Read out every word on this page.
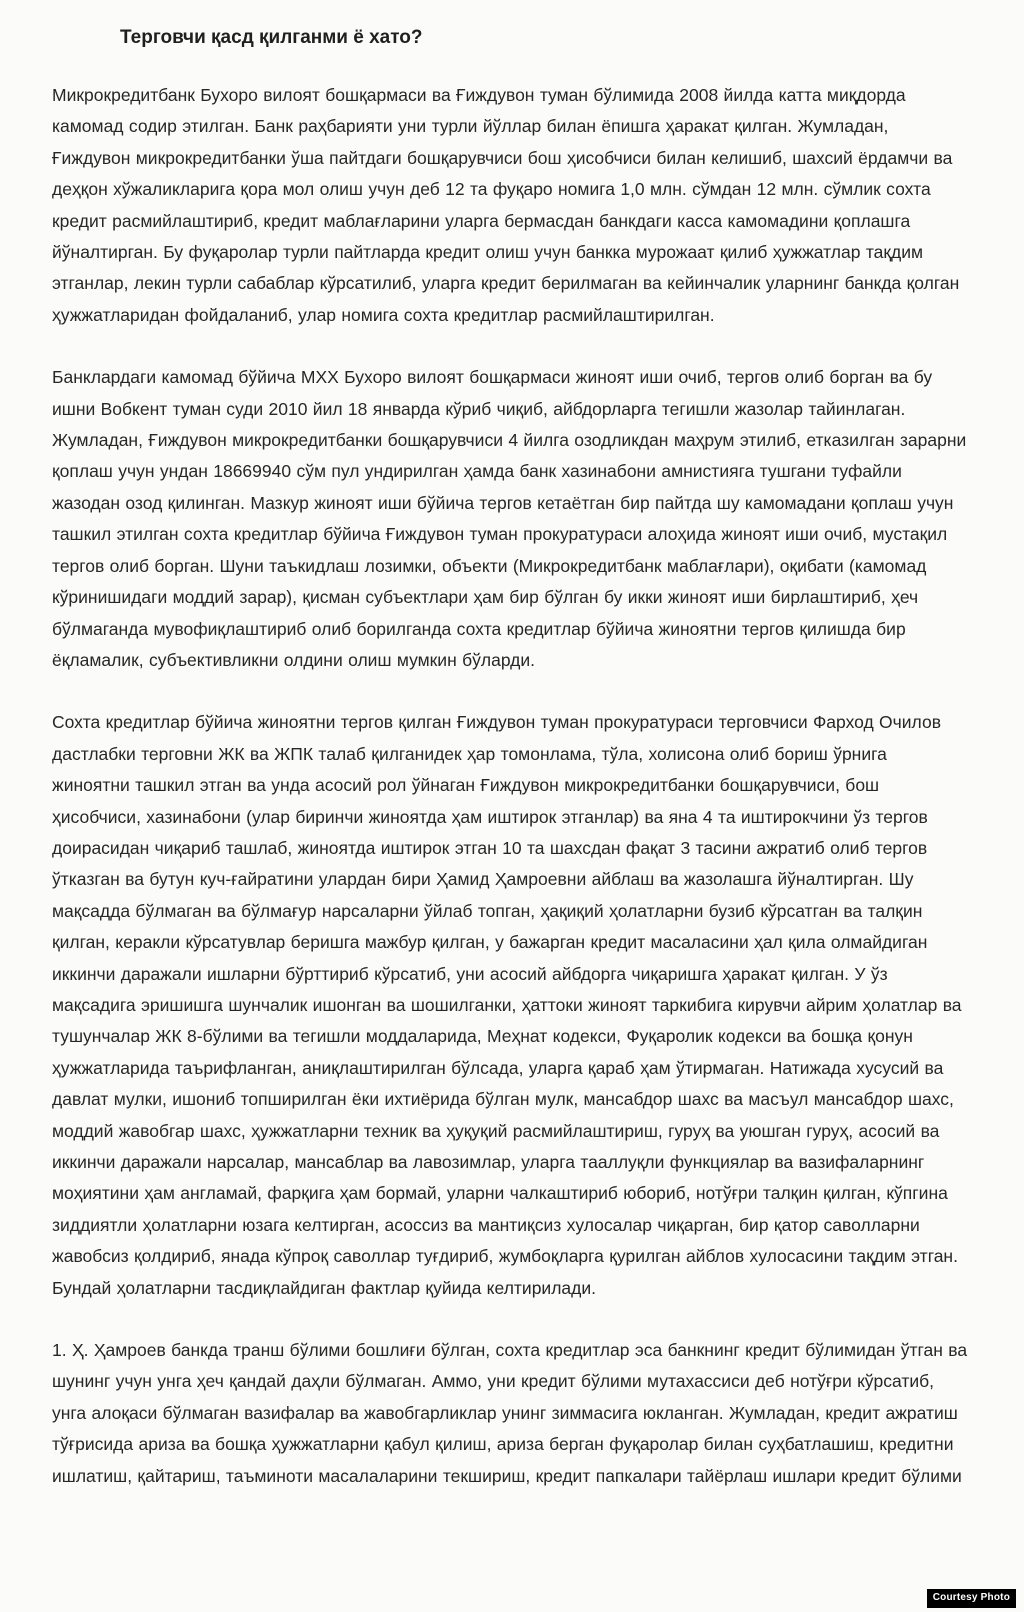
Терговчи қасд қилганми ё хато?

Микрокредитбанк Бухоро вилоят бошқармаси ва Ғиждувон туман бўлимида 2008 йилда катта миқдорда камомад содир этилган. Банк раҳбарияти уни турли йўллар билан ёпишга ҳаракат қилган. Жумладан, Ғиждувон микрокредитбанки ўша пайтдаги бошқарувчиси бош ҳисобчиси билан келишиб, шахсий ёрдамчи ва деҳқон хўжаликларига қора мол олиш учун деб 12 та фуқаро номига 1,0 млн. сўмдан 12 млн. сўмлик сохта кредит расмийлаштириб, кредит маблағларини уларга бермасдан банкдаги касса камомадини қоплашга йўналтирган. Бу фуқаролар турли пайтларда кредит олиш учун банкка мурожаат қилиб ҳужжатлар тақдим этганлар, лекин турли сабаблар кўрсатилиб, уларга кредит берилмаган ва кейинчалик уларнинг банкда қолган ҳужжатларидан фойдаланиб, улар номига сохта кредитлар расмийлаштирилган.

Банклардаги камомад бўйича МХХ Бухоро вилоят бошқармаси жиноят иши очиб, тергов олиб борган ва бу ишни Вобкент туман суди 2010 йил 18 январда кўриб чиқиб, айбдорларга тегишли жазолар тайинлаган. Жумладан, Ғиждувон микрокредитбанки бошқарувчиси 4 йилга озодликдан маҳрум этилиб, етказилган зарарни қоплаш учун ундан 18669940 сўм пул ундирилган ҳамда банк хазинабони амнистияга тушгани туфайли жазодан озод қилинган. Мазкур жиноят иши бўйича тергов кетаётган бир пайтда шу камомадани қоплаш учун ташкил этилган сохта кредитлар бўйича Ғиждувон туман прокуратураси алоҳида жиноят иши очиб, мустақил тергов олиб борган. Шуни таъкидлаш лозимки, объекти (Микрокредитбанк маблағлари), оқибати (камомад кўринишидаги моддий зарар), қисман субъектлари ҳам бир бўлган бу икки жиноят иши бирлаштириб, ҳеч бўлмаганда мувофиқлаштириб олиб борилганда сохта кредитлар бўйича жиноятни тергов қилишда бир ёқламалик, субъективликни олдини олиш мумкин бўларди.

Сохта кредитлар бўйича жиноятни тергов қилган Ғиждувон туман прокуратураси терговчиси Фарход Очилов дастлабки терговни ЖК ва ЖПК талаб қилганидек ҳар томонлама, тўла, холисона олиб бориш ўрнига жиноятни ташкил этган ва унда асосий рол ўйнаган Ғиждувон микрокредитбанки бошқарувчиси, бош ҳисобчиси, хазинабони (улар биринчи жиноятда ҳам иштирок этганлар) ва яна 4 та иштирокчини ўз тергов доирасидан чиқариб ташлаб, жиноятда иштирок этган 10 та шахсдан фақат 3 тасини ажратиб олиб тергов ўтказган ва бутун куч-ғайратини улардан бири Ҳамид Ҳамроевни айблаш ва жазолашга йўналтирган. Шу мақсадда бўлмаган ва бўлмағур нарсаларни ўйлаб топган, ҳақиқий ҳолатларни бузиб кўрсатган ва талқин қилган, керакли кўрсатувлар беришга мажбур қилган, у бажарган кредит масаласини ҳал қила олмайдиган иккинчи даражали ишларни бўрттириб кўрсатиб, уни асосий айбдорга чиқаришга ҳаракат қилган. У ўз мақсадига эришишга шунчалик ишонган ва шошилганки, ҳаттоки жиноят таркибига кирувчи айрим ҳолатлар ва тушунчалар ЖК 8-бўлими ва тегишли моддаларида, Меҳнат кодекси, Фуқаролик кодекси ва бошқа қонун ҳужжатларида таърифланган, аниқлаштирилган бўлсада, уларга қараб ҳам ўтирмаган. Натижада хусусий ва давлат мулки, ишониб топширилган ёки ихтиёрида бўлган мулк, мансабдор шахс ва масъул мансабдор шахс, моддий жавобгар шахс, ҳужжатларни техник ва ҳуқуқий расмийлаштириш, гуруҳ ва уюшган гуруҳ, асосий ва иккинчи даражали нарсалар, мансаблар ва лавозимлар, уларга тааллуқли функциялар ва вазифаларнинг моҳиятини ҳам англамай, фарқига ҳам бормай, уларни чалкаштириб юбориб, нотўғри талқин қилган, кўпгина зиддиятли ҳолатларни юзага келтирган, асоссиз ва мантиқсиз хулосалар чиқарган, бир қатор саволларни жавобсиз қолдириб, янада кўпроқ саволлар туғдириб, жумбоқларга қурилган айблов хулосасини тақдим этган. Бундай ҳолатларни тасдиқлайдиган фактлар қуйида келтирилади.

1. Ҳ. Ҳамроев банкда транш бўлими бошлиғи бўлган, сохта кредитлар эса банкнинг кредит бўлимидан ўтган ва шунинг учун унга ҳеч қандай даҳли бўлмаган. Аммо, уни кредит бўлими мутахассиси деб нотўғри кўрсатиб, унга алоқаси бўлмаган вазифалар ва жавобгарликлар унинг зиммасига юкланган. Жумладан, кредит ажратиш тўғрисида ариза ва бошқа ҳужжатларни қабул қилиш, ариза берган фуқаролар билан суҳбатлашиш, кредитни ишлатиш, қайтариш, таъминоти масалаларини текшириш, кредит папкалари тайёрлаш ишлари кредит бўлими

Courtesy Photo
